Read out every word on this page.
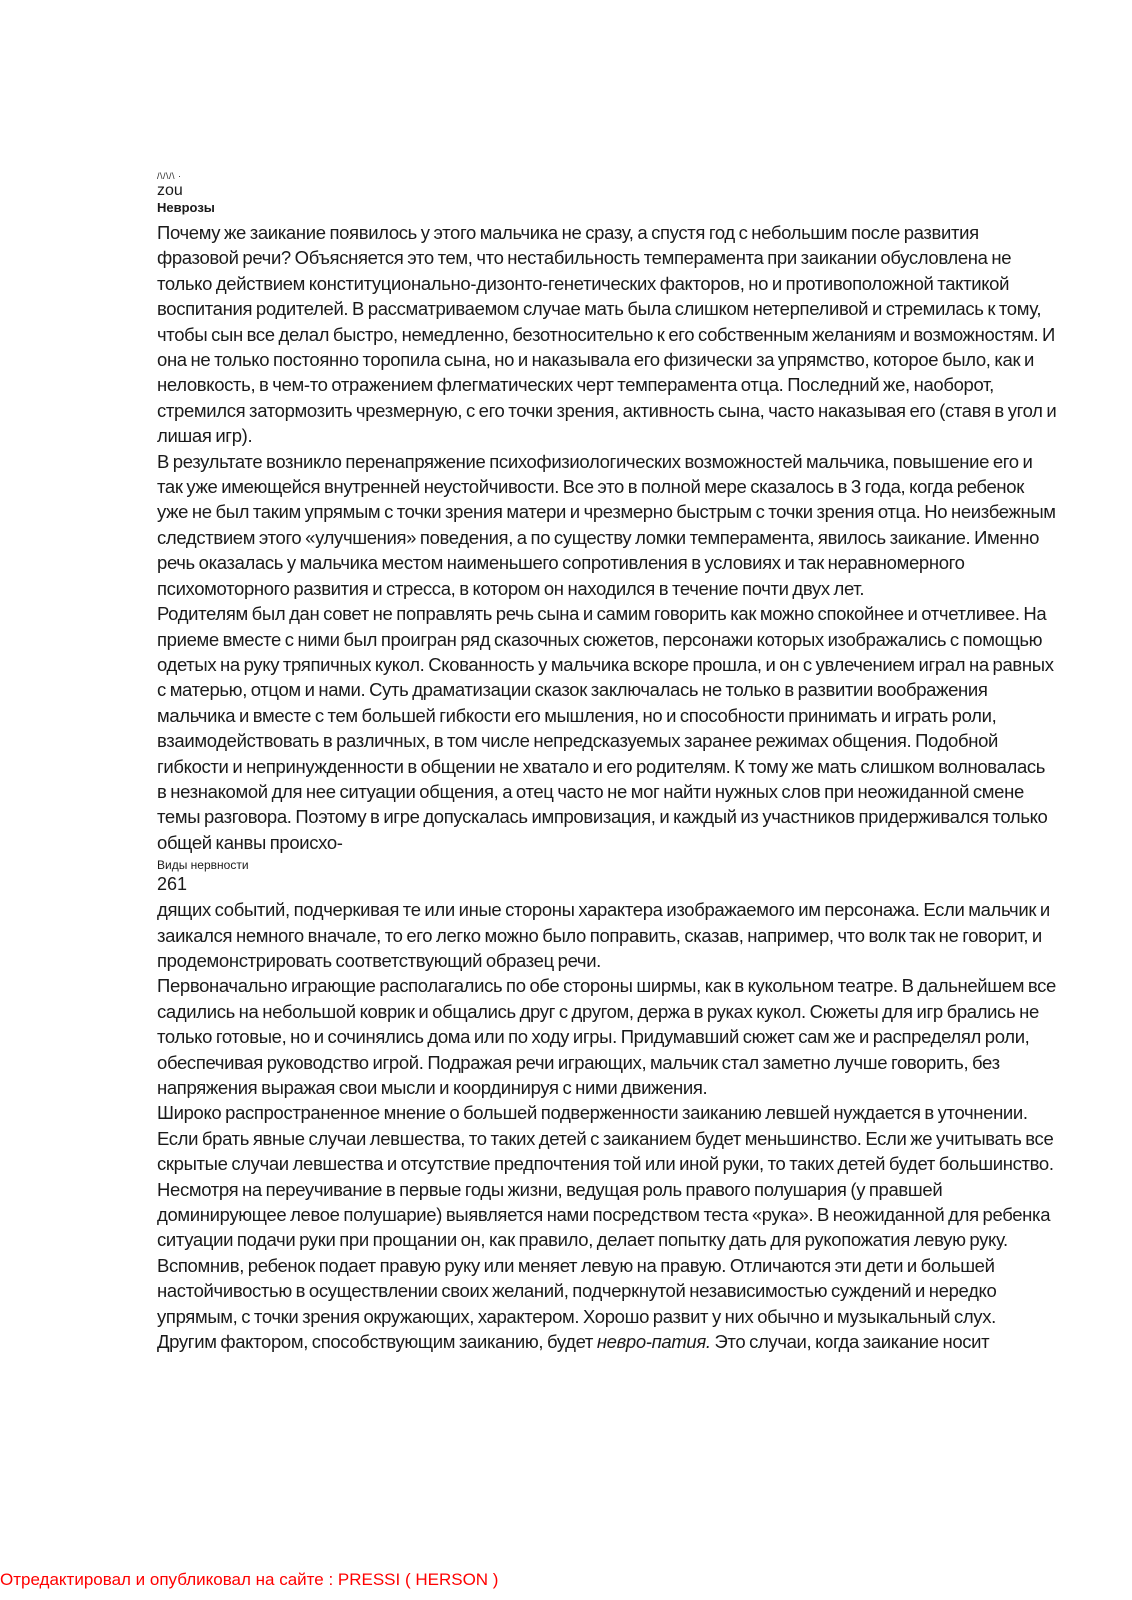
/\/\/\ ·
zou
Неврозы

Почему же заикание появилось у этого мальчика не сразу, а спустя год с небольшим после развития фразовой речи? Объясняется это тем, что нестабильность темперамента при заикании обусловлена не только действием конституционально-дизонто-генетических факторов, но и противоположной тактикой воспитания родителей. В рассматриваемом случае мать была слишком нетерпеливой и стремилась к тому, чтобы сын все делал быстро, немедленно, безотносительно к его собственным желаниям и возможностям. И она не только постоянно торопила сына, но и наказывала его физически за упрямство, которое было, как и неловкость, в чем-то отражением флегматических черт темперамента отца. Последний же, наоборот, стремился затормозить чрезмерную, с его точки зрения, активность сына, часто наказывая его (ставя в угол и лишая игр).

В результате возникло перенапряжение психофизиологических возможностей мальчика, повышение его и так уже имеющейся внутренней неустойчивости. Все это в полной мере сказалось в 3 года, когда ребенок уже не был таким упрямым с точки зрения матери и чрезмерно быстрым с точки зрения отца. Но неизбежным следствием этого «улучшения» поведения, а по существу ломки темперамента, явилось заикание. Именно речь оказалась у мальчика местом наименьшего сопротивления в условиях и так неравномерного психомоторного развития и стресса, в котором он находился в течение почти двух лет.

Родителям был дан совет не поправлять речь сына и самим говорить как можно спокойнее и отчетливее. На приеме вместе с ними был проигран ряд сказочных сюжетов, персонажи которых изображались с помощью одетых на руку тряпичных кукол. Скованность у мальчика вскоре прошла, и он с увлечением играл на равных с матерью, отцом и нами. Суть драматизации сказок заключалась не только в развитии воображения мальчика и вместе с тем большей гибкости его мышления, но и способности принимать и играть роли, взаимодействовать в различных, в том числе непредсказуемых заранее режимах общения. Подобной гибкости и непринужденности в общении не хватало и его родителям. К тому же мать слишком волновалась в незнакомой для нее ситуации общения, а отец часто не мог найти нужных слов при неожиданной смене темы разговора. Поэтому в игре допускалась импровизация, и каждый из участников придерживался только общей канвы происхо-

Виды нервности
261

дящих событий, подчеркивая те или иные стороны характера изображаемого им персонажа. Если мальчик и заикался немного вначале, то его легко можно было поправить, сказав, например, что волк так не говорит, и продемонстрировать соответствующий образец речи.

Первоначально играющие располагались по обе стороны ширмы, как в кукольном театре. В дальнейшем все садились на небольшой коврик и общались друг с другом, держа в руках кукол. Сюжеты для игр брались не только готовые, но и сочинялись дома или по ходу игры. Придумавший сюжет сам же и распределял роли, обеспечивая руководство игрой. Подражая речи играющих, мальчик стал заметно лучше говорить, без напряжения выражая свои мысли и координируя с ними движения.

Широко распространенное мнение о большей подверженности заиканию левшей нуждается в уточнении. Если брать явные случаи левшества, то таких детей с заиканием будет меньшинство. Если же учитывать все скрытые случаи левшества и отсутствие предпочтения той или иной руки, то таких детей будет большинство. Несмотря на переучивание в первые годы жизни, ведущая роль правого полушария (у правшей доминирующее левое полушарие) выявляется нами посредством теста «рука». В неожиданной для ребенка ситуации подачи руки при прощании он, как правило, делает попытку дать для рукопожатия левую руку. Вспомнив, ребенок подает правую руку или меняет левую на правую. Отличаются эти дети и большей настойчивостью в осуществлении своих желаний, подчеркнутой независимостью суждений и нередко упрямым, с точки зрения окружающих, характером. Хорошо развит у них обычно и музыкальный слух.

Другим фактором, способствующим заиканию, будет невро-патия. Это случаи, когда заикание носит

Отредактировал и опубликовал на сайте : PRESSI ( HERSON )
